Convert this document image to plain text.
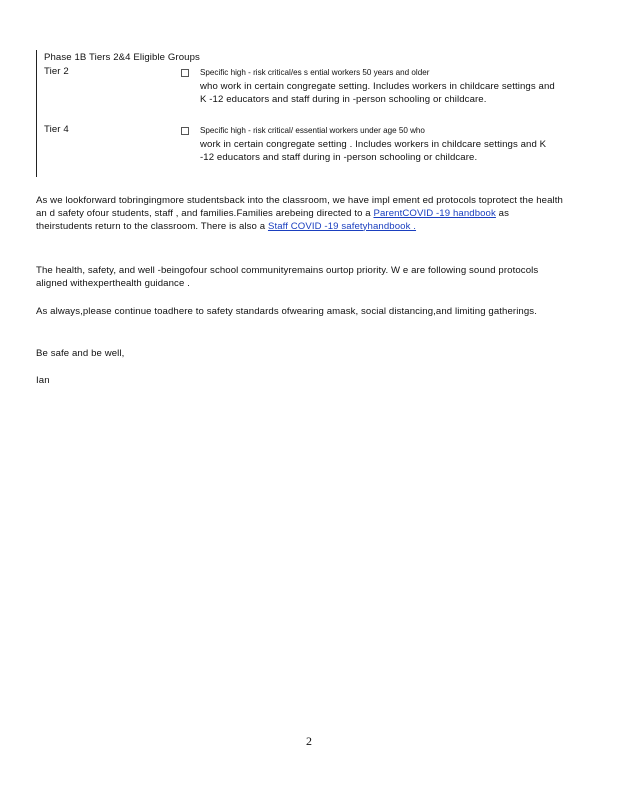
Phase 1B Tiers 2&4 Eligible Groups
Tier 2	Specific high - risk critical/es s ential workers 50 years and older
who work in certain congregate setting. Includes workers in childcare settings and K -12 educators and staff during in -person schooling or childcare.
Tier 4	Specific high - risk critical/ essential workers under age 50 who
work in certain congregate setting . Includes workers in childcare settings and K -12 educators and staff during in -person schooling or childcare.
As we lookforward tobringingmore studentsback into the classroom, we have impl ement ed protocols toprotect the health an d safety ofour students, staff , and families.Families arebeing directed to a ParentCOVID -19 handbook as theirstudents return to the classroom. There is also a Staff COVID -19 safetyhandbook .
The health, safety, and well -beingofour school communityremains ourtop priority. W e are following sound protocols aligned withexperthealth guidance .
As always,please continue toadhere to safety standards ofwearing amask, social distancing,and limiting gatherings.
Be safe and be well,
Ian
2
